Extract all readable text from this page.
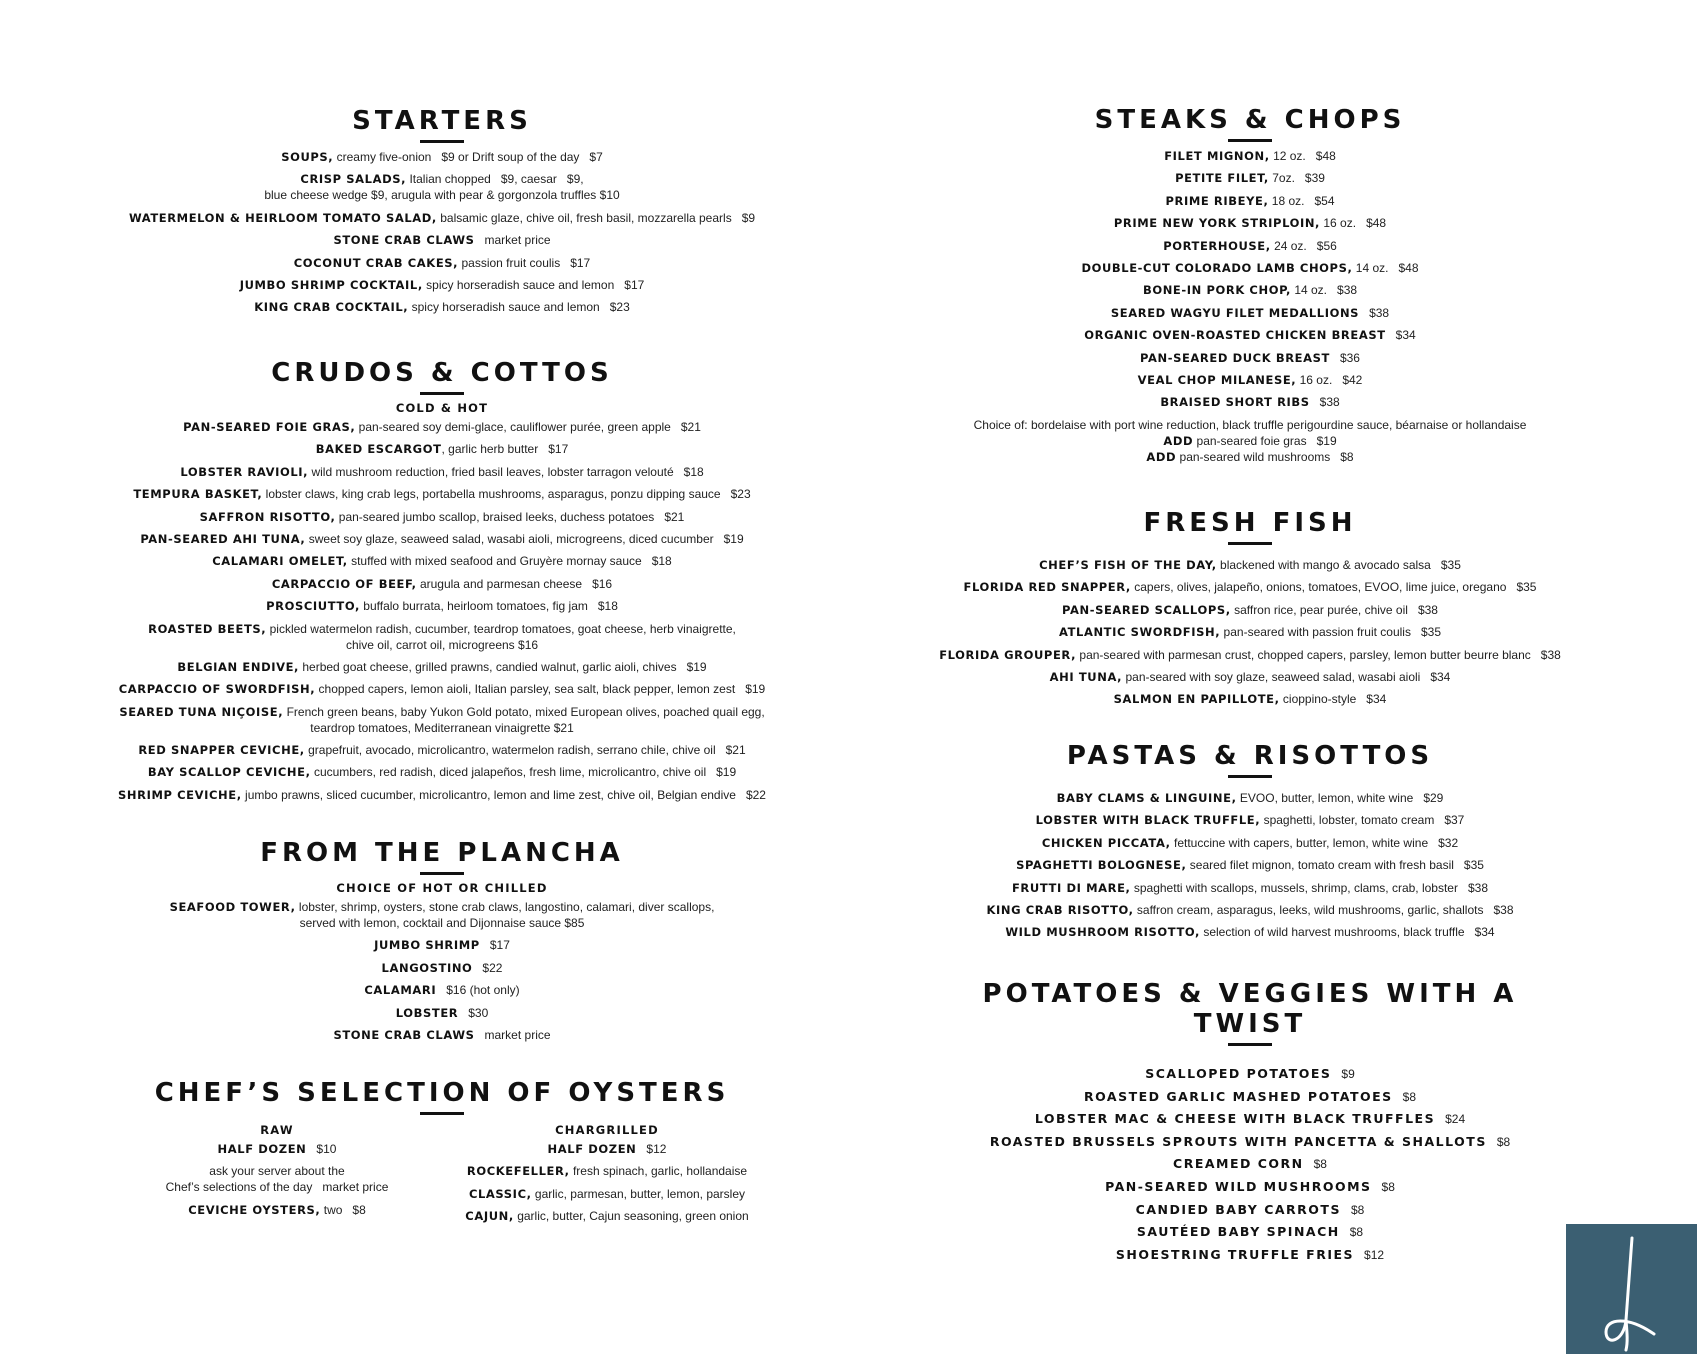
STARTERS

SOUPS, creamy five-onion $9 or Drift soup of the day $7

CRISP SALADS, Italian chopped $9, caesar $9,
blue cheese wedge $9, arugula with pear & gorgonzola truffles $10

WATERMELON & HEIRLOOM TOMATO SALAD, balsamic glaze, chive oil, fresh basil, mozzarella pearls $9

STONE CRAB CLAWS market price

COCONUT CRAB CAKES, passion fruit coulis $17

JUMBO SHRIMP COCKTAIL, spicy horseradish sauce and lemon $17

KING CRAB COCKTAIL, spicy horseradish sauce and lemon $23

CRUDOS & COTTOS
COLD & HOT

PAN-SEARED FOIE GRAS, pan-seared soy demi-glace, cauliflower purée, green apple $21

BAKED ESCARGOT, garlic herb butter $17

LOBSTER RAVIOLI, wild mushroom reduction, fried basil leaves, lobster tarragon velouté $18

TEMPURA BASKET, lobster claws, king crab legs, portabella mushrooms, asparagus, ponzu dipping sauce $23

SAFFRON RISOTTO, pan-seared jumbo scallop, braised leeks, duchess potatoes $21

PAN-SEARED AHI TUNA, sweet soy glaze, seaweed salad, wasabi aioli, microgreens, diced cucumber $19

CALAMARI OMELET, stuffed with mixed seafood and Gruyère mornay sauce $18

CARPACCIO OF BEEF, arugula and parmesan cheese $16

PROSCIUTTO, buffalo burrata, heirloom tomatoes, fig jam $18

ROASTED BEETS, pickled watermelon radish, cucumber, teardrop tomatoes, goat cheese, herb vinaigrette,
chive oil, carrot oil, microgreens $16

BELGIAN ENDIVE, herbed goat cheese, grilled prawns, candied walnut, garlic aioli, chives $19

CARPACCIO OF SWORDFISH, chopped capers, lemon aioli, Italian parsley, sea salt, black pepper, lemon zest $19

SEARED TUNA NIÇOISE, French green beans, baby Yukon Gold potato, mixed European olives, poached quail egg,
teardrop tomatoes, Mediterranean vinaigrette $21

RED SNAPPER CEVICHE, grapefruit, avocado, microlicantro, watermelon radish, serrano chile, chive oil $21

BAY SCALLOP CEVICHE, cucumbers, red radish, diced jalapeños, fresh lime, microlicantro, chive oil $19

SHRIMP CEVICHE, jumbo prawns, sliced cucumber, microlicantro, lemon and lime zest, chive oil, Belgian endive $22

FROM THE PLANCHA
CHOICE OF HOT OR CHILLED

SEAFOOD TOWER, lobster, shrimp, oysters, stone crab claws, langostino, calamari, diver scallops,
served with lemon, cocktail and Dijonnaise sauce $85

JUMBO SHRIMP $17

LANGOSTINO $22

CALAMARI $16 (hot only)

LOBSTER $30

STONE CRAB CLAWS market price

CHEF’S SELECTION OF OYSTERS
RAW

HALF DOZEN $10

ask your server about the
Chef’s selections of the day market price

CEVICHE OYSTERS, two $8

CHARGRILLED

HALF DOZEN $12

ROCKEFELLER, fresh spinach, garlic, hollandaise

CLASSIC, garlic, parmesan, butter, lemon, parsley

CAJUN, garlic, butter, Cajun seasoning, green onion

STEAKS & CHOPS

FILET MIGNON, 12 oz. $48

PETITE FILET, 7oz. $39

PRIME RIBEYE, 18 oz. $54

PRIME NEW YORK STRIPLOIN, 16 oz. $48

PORTERHOUSE, 24 oz. $56

DOUBLE-CUT COLORADO LAMB CHOPS, 14 oz. $48

BONE-IN PORK CHOP, 14 oz. $38

SEARED WAGYU FILET MEDALLIONS $38

ORGANIC OVEN-ROASTED CHICKEN BREAST $34

PAN-SEARED DUCK BREAST $36

VEAL CHOP MILANESE, 16 oz. $42

BRAISED SHORT RIBS $38

Choice of: bordelaise with port wine reduction, black truffle perigourdine sauce, béarnaise or hollandaise

ADD pan-seared foie gras $19

ADD pan-seared wild mushrooms $8

FRESH FISH

CHEF’S FISH OF THE DAY, blackened with mango & avocado salsa $35

FLORIDA RED SNAPPER, capers, olives, jalapeño, onions, tomatoes, EVOO, lime juice, oregano $35

PAN-SEARED SCALLOPS, saffron rice, pear purée, chive oil $38

ATLANTIC SWORDFISH, pan-seared with passion fruit coulis $35

FLORIDA GROUPER, pan-seared with parmesan crust, chopped capers, parsley, lemon butter beurre blanc $38

AHI TUNA, pan-seared with soy glaze, seaweed salad, wasabi aioli $34

SALMON EN PAPILLOTE, cioppino-style $34

PASTAS & RISOTTOS

BABY CLAMS & LINGUINE, EVOO, butter, lemon, white wine $29

LOBSTER WITH BLACK TRUFFLE, spaghetti, lobster, tomato cream $37

CHICKEN PICCATA, fettuccine with capers, butter, lemon, white wine $32

SPAGHETTI BOLOGNESE, seared filet mignon, tomato cream with fresh basil $35

FRUTTI DI MARE, spaghetti with scallops, mussels, shrimp, clams, crab, lobster $38

KING CRAB RISOTTO, saffron cream, asparagus, leeks, wild mushrooms, garlic, shallots $38

WILD MUSHROOM RISOTTO, selection of wild harvest mushrooms, black truffle $34

POTATOES & VEGGIES WITH A TWIST

SCALLOPED POTATOES $9

ROASTED GARLIC MASHED POTATOES $8

LOBSTER MAC & CHEESE WITH BLACK TRUFFLES $24

ROASTED BRUSSELS SPROUTS WITH PANCETTA & SHALLOTS $8

CREAMED CORN $8

PAN-SEARED WILD MUSHROOMS $8

CANDIED BABY CARROTS $8

SAUTÉED BABY SPINACH $8

SHOESTRING TRUFFLE FRIES $12
